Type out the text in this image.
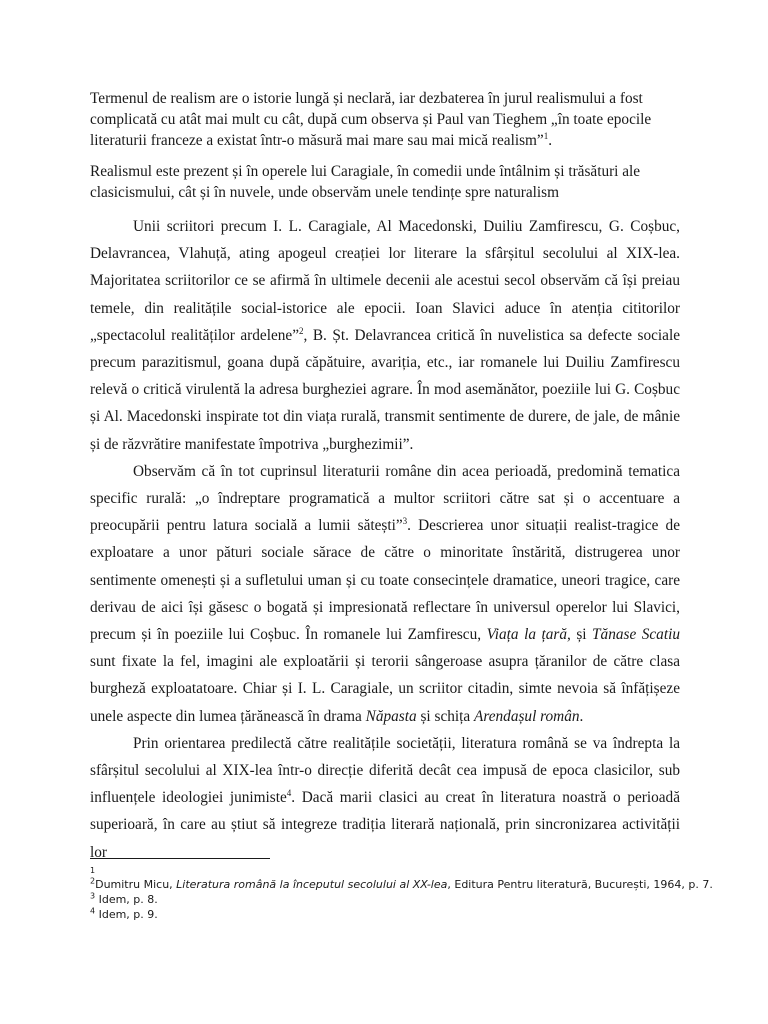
Termenul de realism are o istorie lungă și neclară, iar dezbaterea în jurul realismului a fost complicată cu atât mai mult cu cât, după cum observa și Paul van Tieghem „în toate epocile literaturii franceze a existat într-o măsură mai mare sau mai mică realism”$^1$.

Realismul este prezent și în operele lui Caragiale, în comedii unde întâlnim și trăsături ale clasicismului, cât și în nuvele, unde observăm unele tendințe spre naturalism

Unii scriitori precum I. L. Caragiale, Al Macedonski, Duiliu Zamfirescu, G. Coșbuc, Delavrancea, Vlahuță, ating apogeul creației lor literare la sfârșitul secolului al XIX-lea. Majoritatea scriitorilor ce se afirmă în ultimele decenii ale acestui secol observăm că își preiau temele, din realitățile social-istorice ale epocii. Ioan Slavici aduce în atenția cititorilor „spectacolul realităților ardelene”$^2$, B. Șt. Delavrancea critică în nuvelistica sa defecte sociale precum parazitismul, goana după căpătuire, avariția, etc., iar romanele lui Duiliu Zamfirescu relevă o critică virulentă la adresa burgheziei agrare. În mod asemănător, poeziile lui G. Coșbuc și Al. Macedonski inspirate tot din viața rurală, transmit sentimente de durere, de jale, de mânie și de răzvrătire manifestate împotriva „burghezimii”.

Observăm că în tot cuprinsul literaturii române din acea perioadă, predomină tematica specific rurală: „o îndreptare programatică a multor scriitori către sat și o accentuare a preocupării pentru latura socială a lumii sătești”$^3$. Descrierea unor situații realist-tragice de exploatare a unor pături sociale sărace de către o minoritate înstărită, distrugerea unor sentimente omenești și a sufletului uman și cu toate consecințele dramatice, uneori tragice, care derivau de aici își găsesc o bogată și impresionată reflectare în universul operelor lui Slavici, precum și în poeziile lui Coșbuc. În romanele lui Zamfirescu, Viața la țară, și Tănase Scatiu sunt fixate la fel, imagini ale exploatării și terorii sângeroase asupra țăranilor de către clasa burgheză exploatatoare. Chiar și I. L. Caragiale, un scriitor citadin, simte nevoia să înfățișeze unele aspecte din lumea țărănească în drama Năpasta și schița Arendașul român.

Prin orientarea predilectă către realitățile societății, literatura română se va îndrepta la sfârșitul secolului al XIX-lea într-o direcție diferită decât cea impusă de epoca clasicilor, sub influențele ideologiei junimiste$^4$. Dacă marii clasici au creat în literatura noastră o perioadă superioară, în care au știut să integreze tradiția literară națională, prin sincronizarea activității lor

1

$^2$Dumitru Micu, Literatura română la începutul secolului al XX-lea, Editura Pentru literatură, București, 1964, p. 7.

$^3$ Idem, p. 8.

$^4$ Idem, p. 9.
